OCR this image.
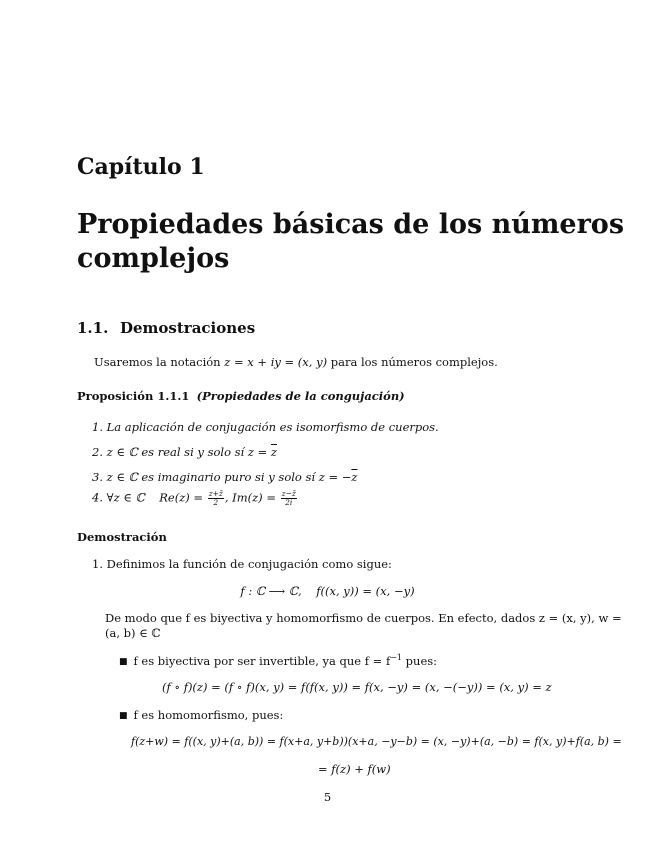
Capítulo 1
Propiedades básicas de los números
complejos
1.1. Demostraciones
Usaremos la notación z = x + iy = (x, y) para los números complejos.
Proposición 1.1.1 (Propiedades de la congujación)
1. La aplicación de conjugación es isomorfismo de cuerpos.
2. z ∈ ℂ es real si y solo sí $z = \overline{z}$
3. z ∈ ℂ es imaginario puro si y solo sí $z = -\overline{z}$
4. ∀z ∈ ℂ    $Re(z) = \frac{z+z̄}{2}$ , $Im(z) = \frac{z-z̄}{2i}$
Demostración
1. Definimos la función de conjugación como sigue:
f : ℂ ⟶ ℂ,    f((x, y)) = (x, −y)
De modo que f es biyectiva y homomorfismo de cuerpos. En efecto, dados z = (x, y), w =
(a, b) ∈ ℂ
■ f es biyectiva por ser invertible, ya que $f = f^{-1}$ pues:
(f ∘ f)(z) = (f ∘ f)(x, y) = f(f(x, y)) = f(x, −y) = (x, −(−y)) = (x, y) = z
■ f es homomorfismo, pues:
f(z+w) = f((x, y)+(a, b)) = f(x+a, y+b))(x+a, −y−b) = (x, −y)+(a, −b) = f(x, y)+f(a, b) =
= f(z) + f(w)
5
